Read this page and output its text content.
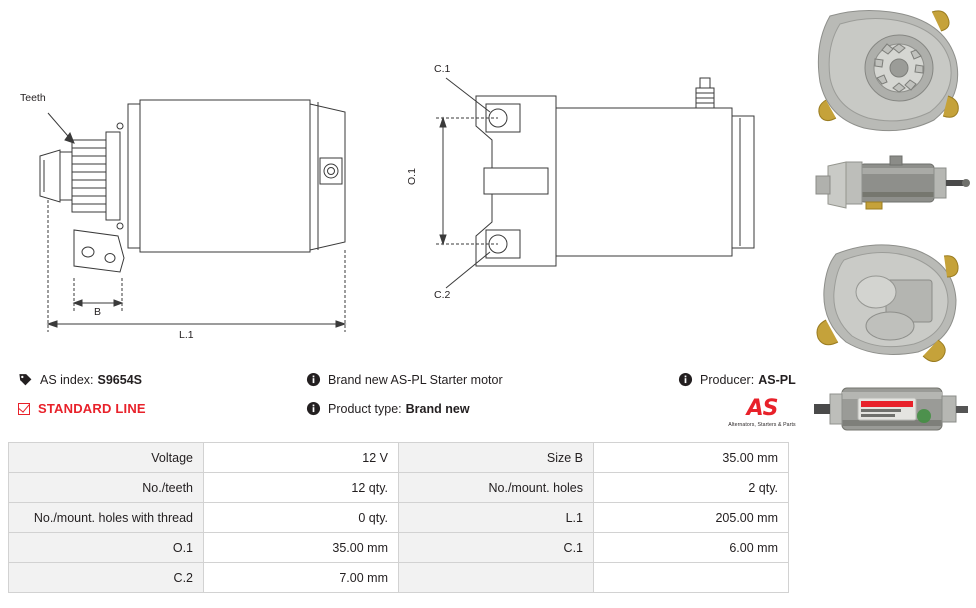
Teeth
B
L.1
O.1
C.1
C.2
AS index: S9654S	Brand new AS-PL Starter motor	Producer: AS-PL
STANDARD LINE	Product type: Brand new	AS
Alternators, Starters & Parts
Voltage	12 V	Size B	35.00 mm
No./teeth	12 qty.	No./mount. holes	2 qty.
No./mount. holes with thread	0 qty.	L.1	205.00 mm
O.1	35.00 mm	C.1	6.00 mm
C.2	7.00 mm		
